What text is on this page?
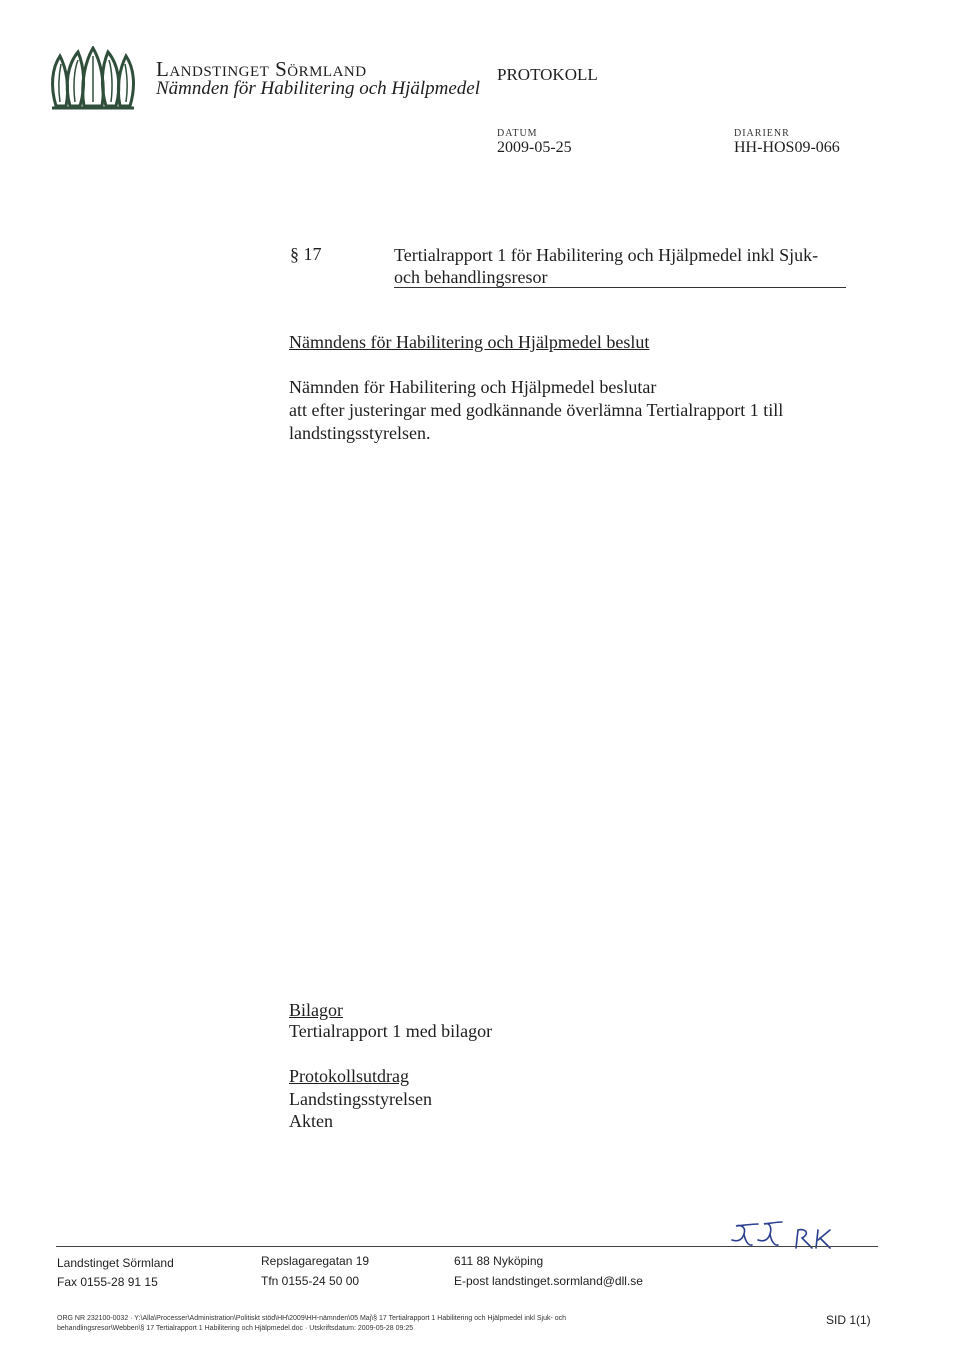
Landstinget Sörmland
Nämnden för Habilitering och Hjälpmedel
PROTOKOLL
DATUM
2009-05-25
DIARIENR
HH-HOS09-066
§ 17	Tertialrapport 1 för Habilitering och Hjälpmedel inkl Sjuk-
och behandlingsresor
Nämndens för Habilitering och Hjälpmedel beslut
Nämnden för Habilitering och Hjälpmedel beslutar
att efter justeringar med godkännande överlämna Tertialrapport 1 till
landstingsstyrelsen.
Bilagor
Tertialrapport 1 med bilagor
Protokollsutdrag
Landstingsstyrelsen
Akten
Landstinget Sörmland
Fax 0155-28 91 15
Repslagaregatan 19
Tfn 0155-24 50 00
611 88 Nyköping
E-post landstinget.sormland@dll.se
ORG NR 232100-0032 · Y:\Alla\Processer\Administration\Politiskt stöd\HH\2009\HH-nämnden\05 Maj\§ 17 Tertialrapport 1 Habilitering och Hjälpmedel inkl Sjuk- och
behandlingsresor\Webben\§ 17 Tertialrapport 1 Habilitering och Hjälpmedel.doc · Utskriftsdatum: 2009-05-28 09:25
SID 1(1)
